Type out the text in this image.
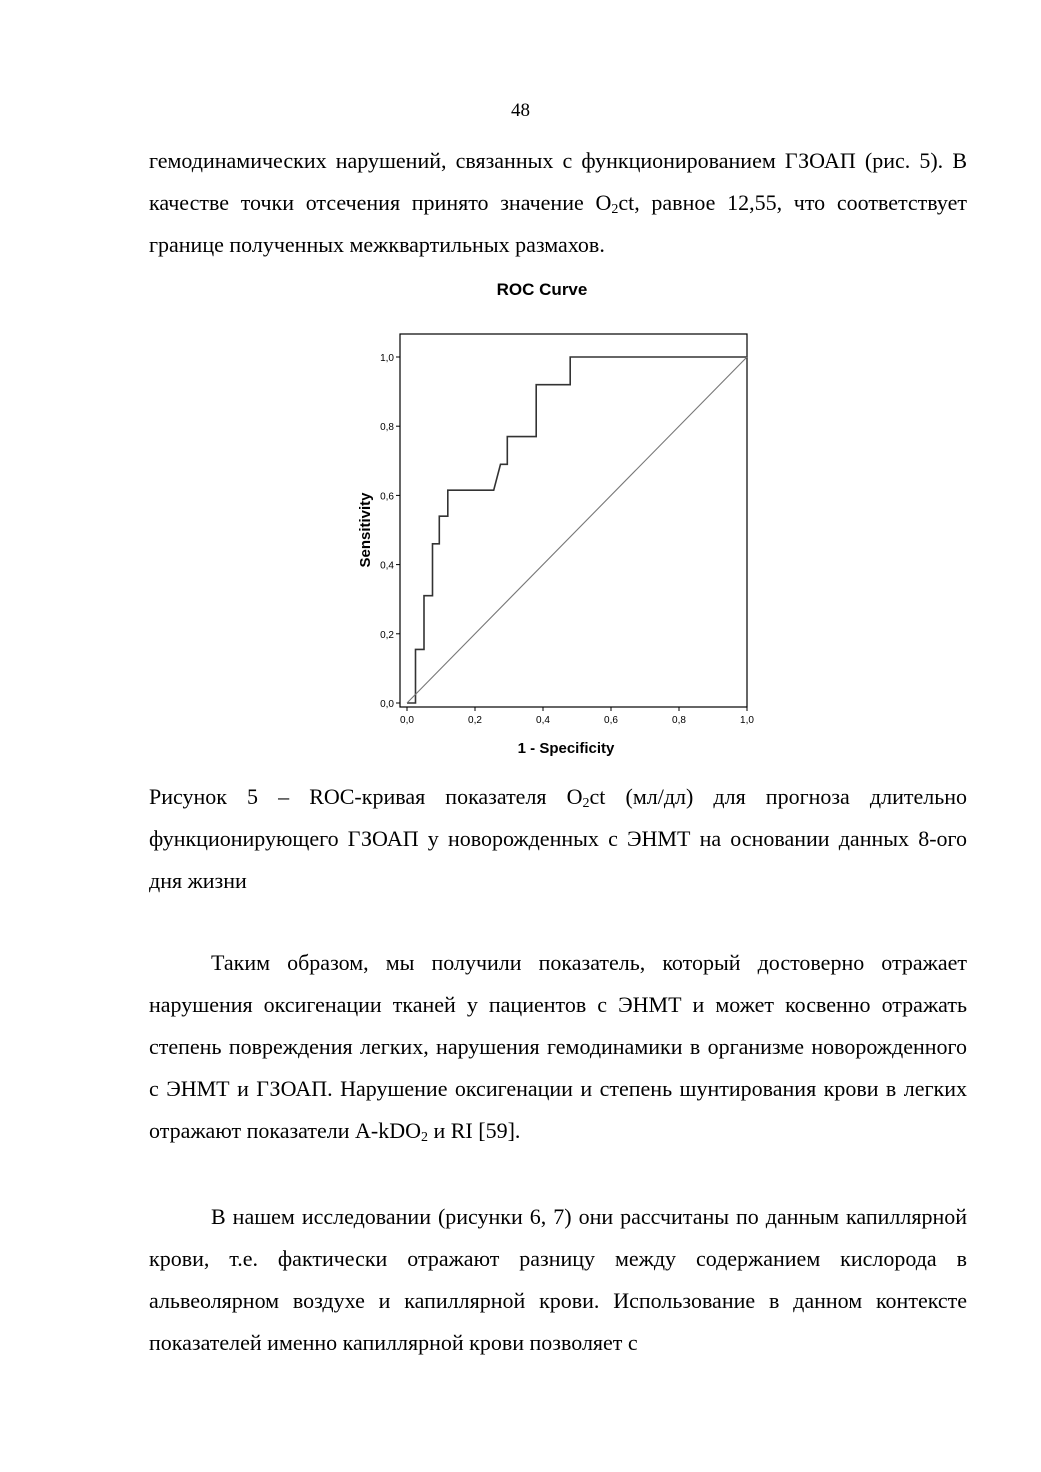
48
гемодинамических нарушений, связанных с функционированием ГЗОАП (рис. 5). В качестве точки отсечения принято значение $O_2ct$, равное 12,55, что соответствует границе полученных межквартильных размахов.
ROC Curve
0,0	0,2	0,4	0,6	0,8	1,0
0,0
0,2
0,4
0,6
0,8
1,0
1 - Specificity
Sensitivity
Рисунок 5 – ROC-кривая показателя $O_2ct$ (мл/дл) для прогноза длительно функционирующего ГЗОАП у новорожденных с ЭНМТ на основании данных 8-ого дня жизни
Таким образом, мы получили показатель, который достоверно отражает нарушения оксигенации тканей у пациентов с ЭНМТ и может косвенно отражать степень повреждения легких, нарушения гемодинамики в организме новорожденного с ЭНМТ и ГЗОАП. Нарушение оксигенации и степень шунтирования крови в легких отражают показатели A-kDO$_2$ и RI [59].
В нашем исследовании (рисунки 6, 7) они рассчитаны по данным капиллярной крови, т.е. фактически отражают разницу между содержанием кислорода в альвеолярном воздухе и капиллярной крови. Использование в данном контексте показателей именно капиллярной крови позволяет с
